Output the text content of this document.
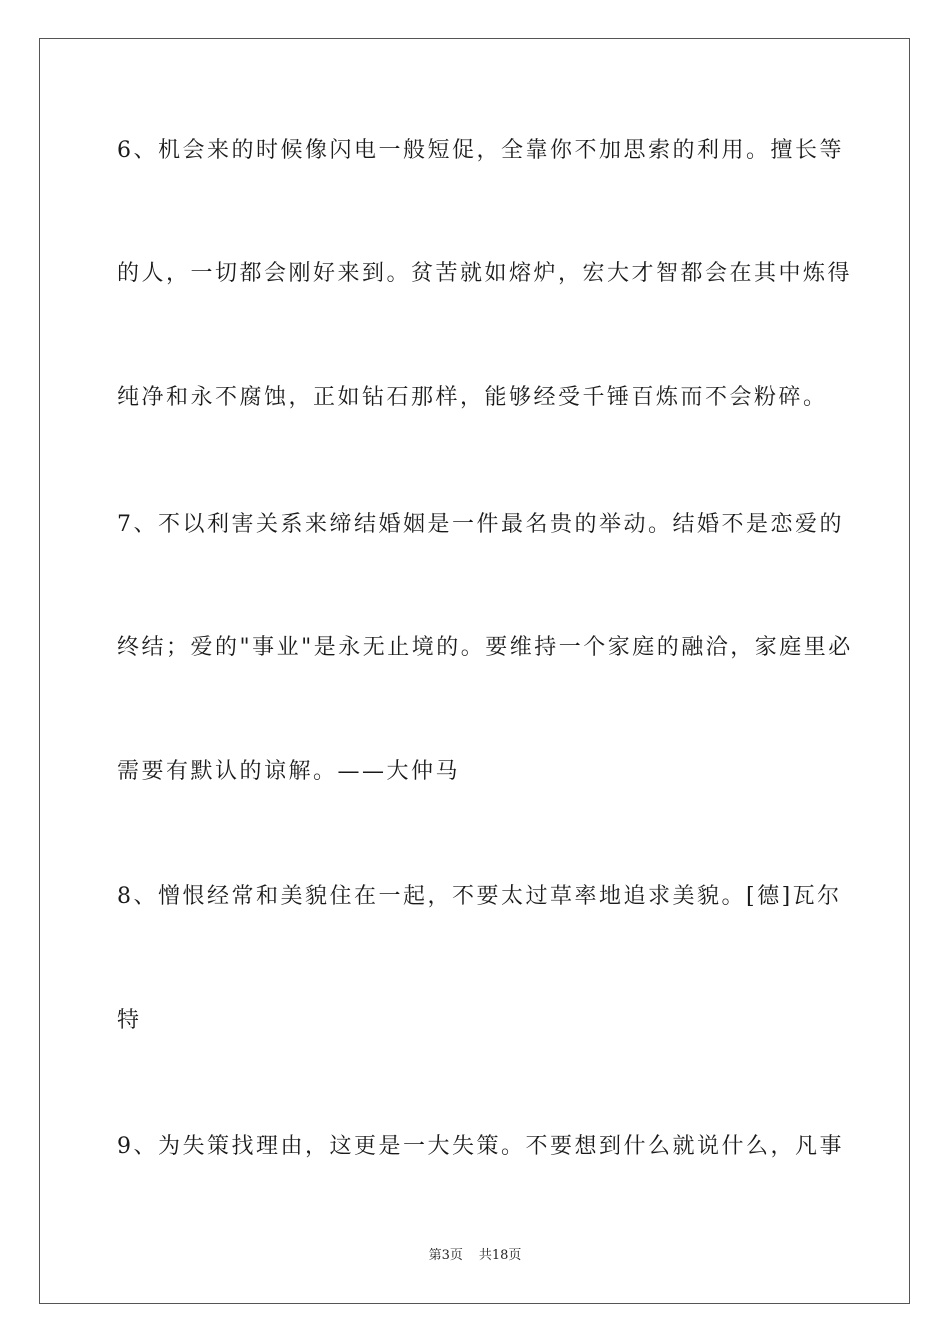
6、机会来的时候像闪电一般短促，全靠你不加思索的利用。擅长等
的人，一切都会刚好来到。贫苦就如熔炉，宏大才智都会在其中炼得
纯净和永不腐蚀，正如钻石那样，能够经受千锤百炼而不会粉碎。
7、不以利害关系来缔结婚姻是一件最名贵的举动。结婚不是恋爱的
终结；爱的"事业"是永无止境的。要维持一个家庭的融洽，家庭里必
需要有默认的谅解。——大仲马
8、憎恨经常和美貌住在一起，不要太过草率地追求美貌。[德]瓦尔
特
9、为失策找理由，这更是一大失策。不要想到什么就说什么，凡事
第3页 共18页
